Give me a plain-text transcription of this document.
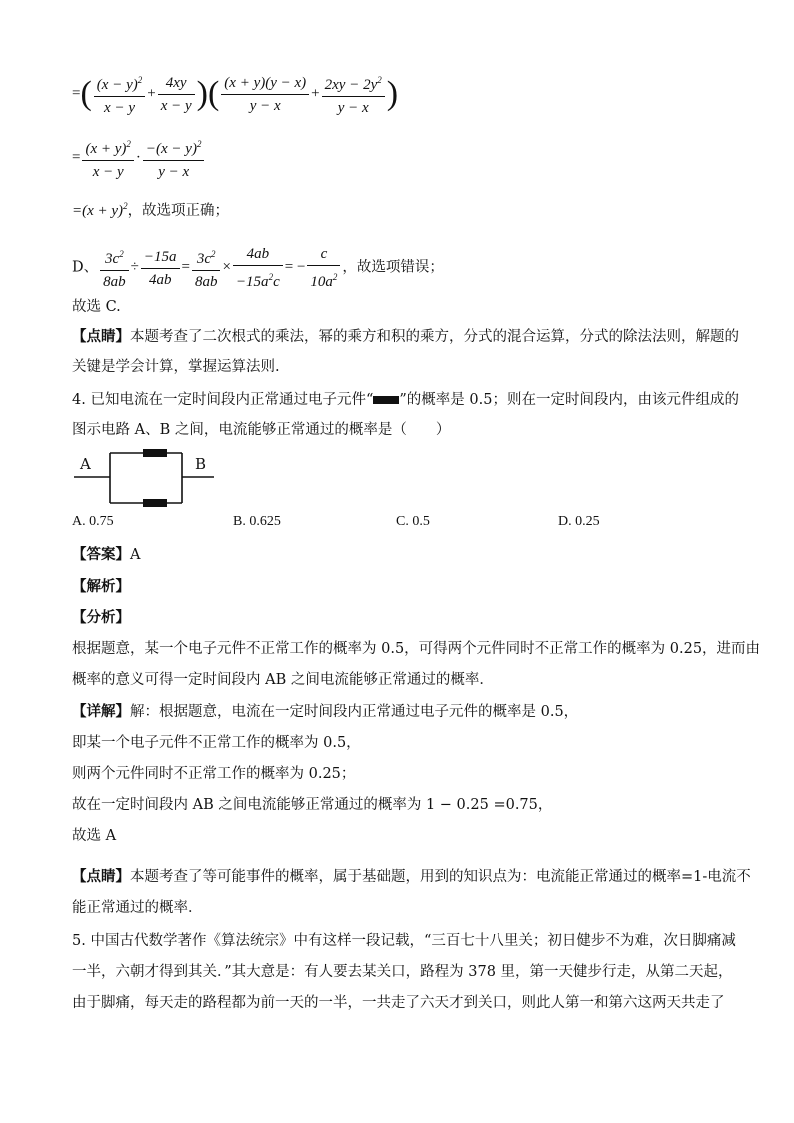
=( $\frac{(x - y)^2}{x - y} + \frac{4xy}{x - y}$ )( $\frac{(x + y)(y - x)}{y - x} + \frac{2xy - 2y^2}{y - x}$ )
= $\frac{(x + y)^2}{x - y} \cdot \frac{-(x - y)^2}{y - x}$
$=(x + y)^2$，故选项正确；
D、 $\frac{3c^2}{8ab} \div \frac{-15a}{4ab} = \frac{3c^2}{8ab} \times \frac{4ab}{-15a^2c}$ = − $\frac{c}{10a^2}$ ，故选项错误；
故选 C.
【点睛】本题考查了二次根式的乘法，幂的乘方和积的乘方，分式的混合运算，分式的除法法则，解题的
关键是学会计算，掌握运算法则.
4. 已知电流在一定时间段内正常通过电子元件“ ”的概率是 0.5；则在一定时间段内，由该元件组成的
图示电路 A、B 之间，电流能够正常通过的概率是（　　）
A	B
A. 0.75	B. 0.625	C. 0.5	D. 0.25
【答案】A
【解析】
【分析】
根据题意，某一个电子元件不正常工作的概率为 0.5，可得两个元件同时不正常工作的概率为 0.25，进而由
概率的意义可得一定时间段内 AB 之间电流能够正常通过的概率．
【详解】解：根据题意，电流在一定时间段内正常通过电子元件的概率是 0.5，
即某一个电子元件不正常工作的概率为 0.5，
则两个元件同时不正常工作的概率为 0.25；
故在一定时间段内 AB 之间电流能够正常通过的概率为 1 − 0.25 =0.75，
故选 A
【点睛】本题考查了等可能事件的概率，属于基础题，用到的知识点为：电流能正常通过的概率=1-电流不
能正常通过的概率．
5. 中国古代数学著作《算法统宗》中有这样一段记载，“三百七十八里关；初日健步不为难，次日脚痛减
一半，六朝才得到其关．”其大意是：有人要去某关口，路程为 378 里，第一天健步行走，从第二天起，
由于脚痛，每天走的路程都为前一天的一半，一共走了六天才到关口，则此人第一和第六这两天共走了
